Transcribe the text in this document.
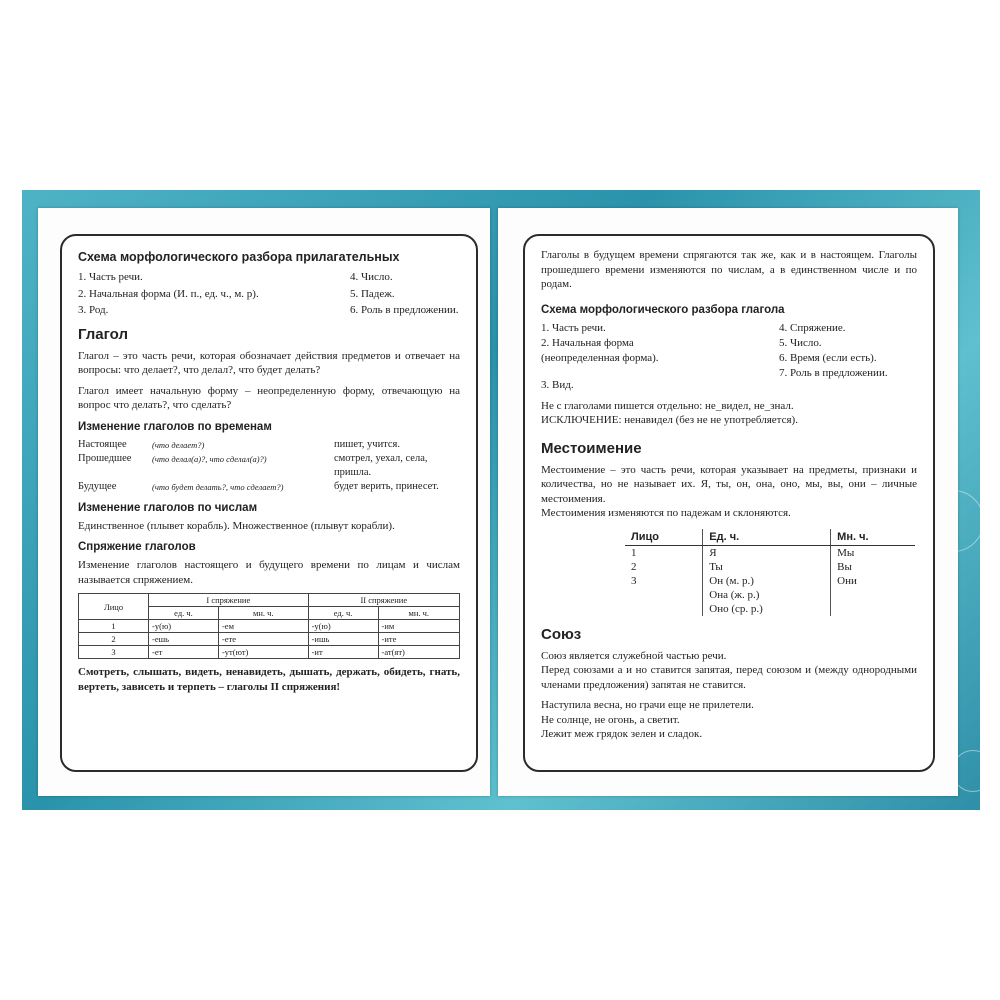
Схема морфологического разбора прилагательных

1. Часть речи.	4. Число.
2. Начальная форма (И. п., ед. ч., м. р).	5. Падеж.
3. Род.	6. Роль в предложении.

Глагол

Глагол – это часть речи, которая обозначает действия предметов и отвечает на вопросы: что делает?, что делал?, что будет делать?

Глагол имеет начальную форму – неопределенную форму, отвечающую на вопрос что делать?, что сделать?

Изменение глаголов по временам

Настоящее	(что делает?)	пишет, учится.
Прошедшее	(что делал(а)?, что сделал(а)?)	смотрел, уехал, села, пришла.
Будущее	(что будет делать?, что сделает?)	будет верить, принесет.

Изменение глаголов по числам

Единственное (плывет корабль). Множественное (плывут корабли).

Спряжение глаголов

Изменение глаголов настоящего и будущего времени по лицам и числам называется спряжением.

Лицо	I спряжение		II спряжение	
	ед. ч.	мн. ч.	ед. ч.	мн. ч.
1	-у(ю)	-ем	-у(ю)	-им
2	-ешь	-ете	-ишь	-ите
3	-ет	-ут(ют)	-ит	-ат(ят)

Смотреть, слышать, видеть, ненавидеть, дышать, держать, обидеть, гнать, вертеть, зависеть и терпеть – глаголы II спряжения!

Глаголы в будущем времени спрягаются так же, как и в настоящем. Глаголы прошедшего времени изменяются по числам, а в единственном числе и по родам.

Схема морфологического разбора глагола

1. Часть речи.
2. Начальная форма (неопределенная форма).
3. Вид.
4. Спряжение.
5. Число.
6. Время (если есть).
7. Роль в предложении.

Не с глаголами пишется отдельно: не_видел, не_знал.

ИСКЛЮЧЕНИЕ: ненавидел (без не не употребляется).

Местоимение

Местоимение – это часть речи, которая указывает на предметы, признаки и количества, но не называет их. Я, ты, он, она, оно, мы, вы, они – личные местоимения.

Местоимения изменяются по падежам и склоняются.

Лицо	Ед. ч.	Мн. ч.
1	Я	Мы
2	Ты	Вы
3	Он (м. р.)	Они
	Она (ж. р.)	
	Оно (ср. р.)	

Союз

Союз является служебной частью речи.

Перед союзами а и но ставится запятая, перед союзом и (между однородными членами предложения) запятая не ставится.

Наступила весна, но грачи еще не прилетели.

Не солнце, не огонь, а светит.

Лежит меж грядок зелен и сладок.
